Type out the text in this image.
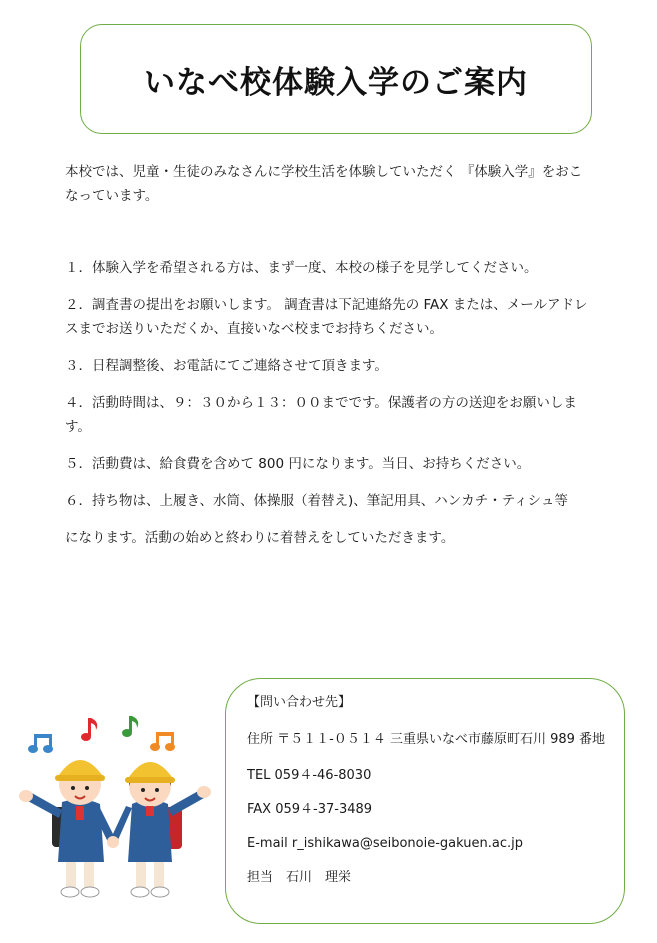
いなべ校体験入学のご案内
本校では、児童・生徒のみなさんに学校生活を体験していただく 『体験入学』をおこなっています。
１．体験入学を希望される方は、まず一度、本校の様子を見学してください。
２．調査書の提出をお願いします。 調査書は下記連絡先の FAX または、メールアドレスまでお送りいただくか、直接いなべ校までお持ちください。
３．日程調整後、お電話にてご連絡させて頂きます。
４．活動時間は、９：３０から１３：００までです。保護者の方の送迎をお願いします。
５．活動費は、給食費を含めて 800 円になります。当日、お持ちください。
６．持ち物は、上履き、水筒、体操服（着替え)、筆記用具、ハンカチ・ティシュ等
になります。活動の始めと終わりに着替えをしていただきます。
【問い合わせ先】
住所 〒５１１-０５１４ 三重県いなべ市藤原町石川 989 番地
TEL 059４-46-8030
FAX 059４-37-3489
E-mail r_ishikawa@seibonoie-gakuen.ac.jp
担当　石川　理栄
